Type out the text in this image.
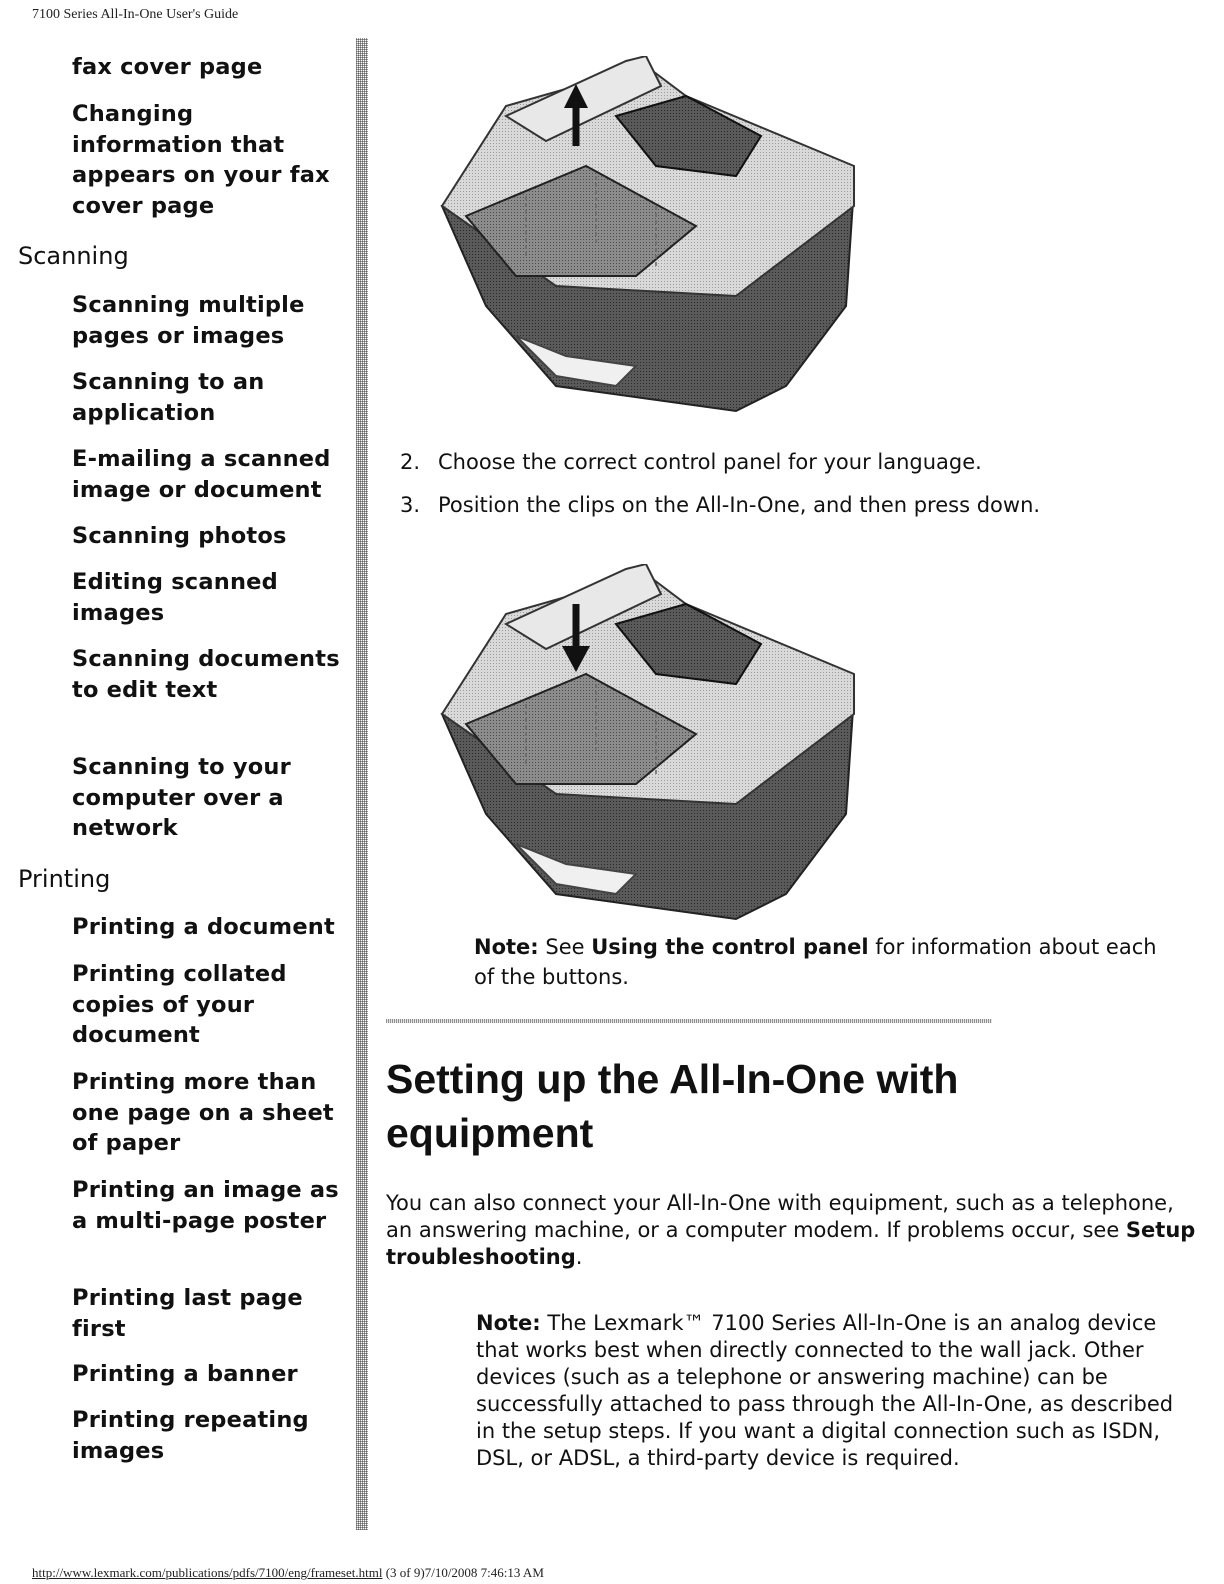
7100 Series All-In-One User's Guide
fax cover page
Changing information that appears on your fax cover page
Scanning
Scanning multiple pages or images
Scanning to an application
E-mailing a scanned image or document
Scanning photos
Editing scanned images
Scanning documents to edit text
Scanning to your computer over a network
Printing
Printing a document
Printing collated copies of your document
Printing more than one page on a sheet of paper
Printing an image as a multi-page poster
Printing last page first
Printing a banner
Printing repeating images
2. Choose the correct control panel for your language.
3. Position the clips on the All-In-One, and then press down.
Note: See Using the control panel for information about each of the buttons.
Setting up the All-In-One with equipment
You can also connect your All-In-One with equipment, such as a telephone, an answering machine, or a computer modem. If problems occur, see Setup troubleshooting.
Note: The Lexmark™ 7100 Series All-In-One is an analog device that works best when directly connected to the wall jack. Other devices (such as a telephone or answering machine) can be successfully attached to pass through the All-In-One, as described in the setup steps. If you want a digital connection such as ISDN, DSL, or ADSL, a third-party device is required.
http://www.lexmark.com/publications/pdfs/7100/eng/frameset.html (3 of 9)7/10/2008 7:46:13 AM
